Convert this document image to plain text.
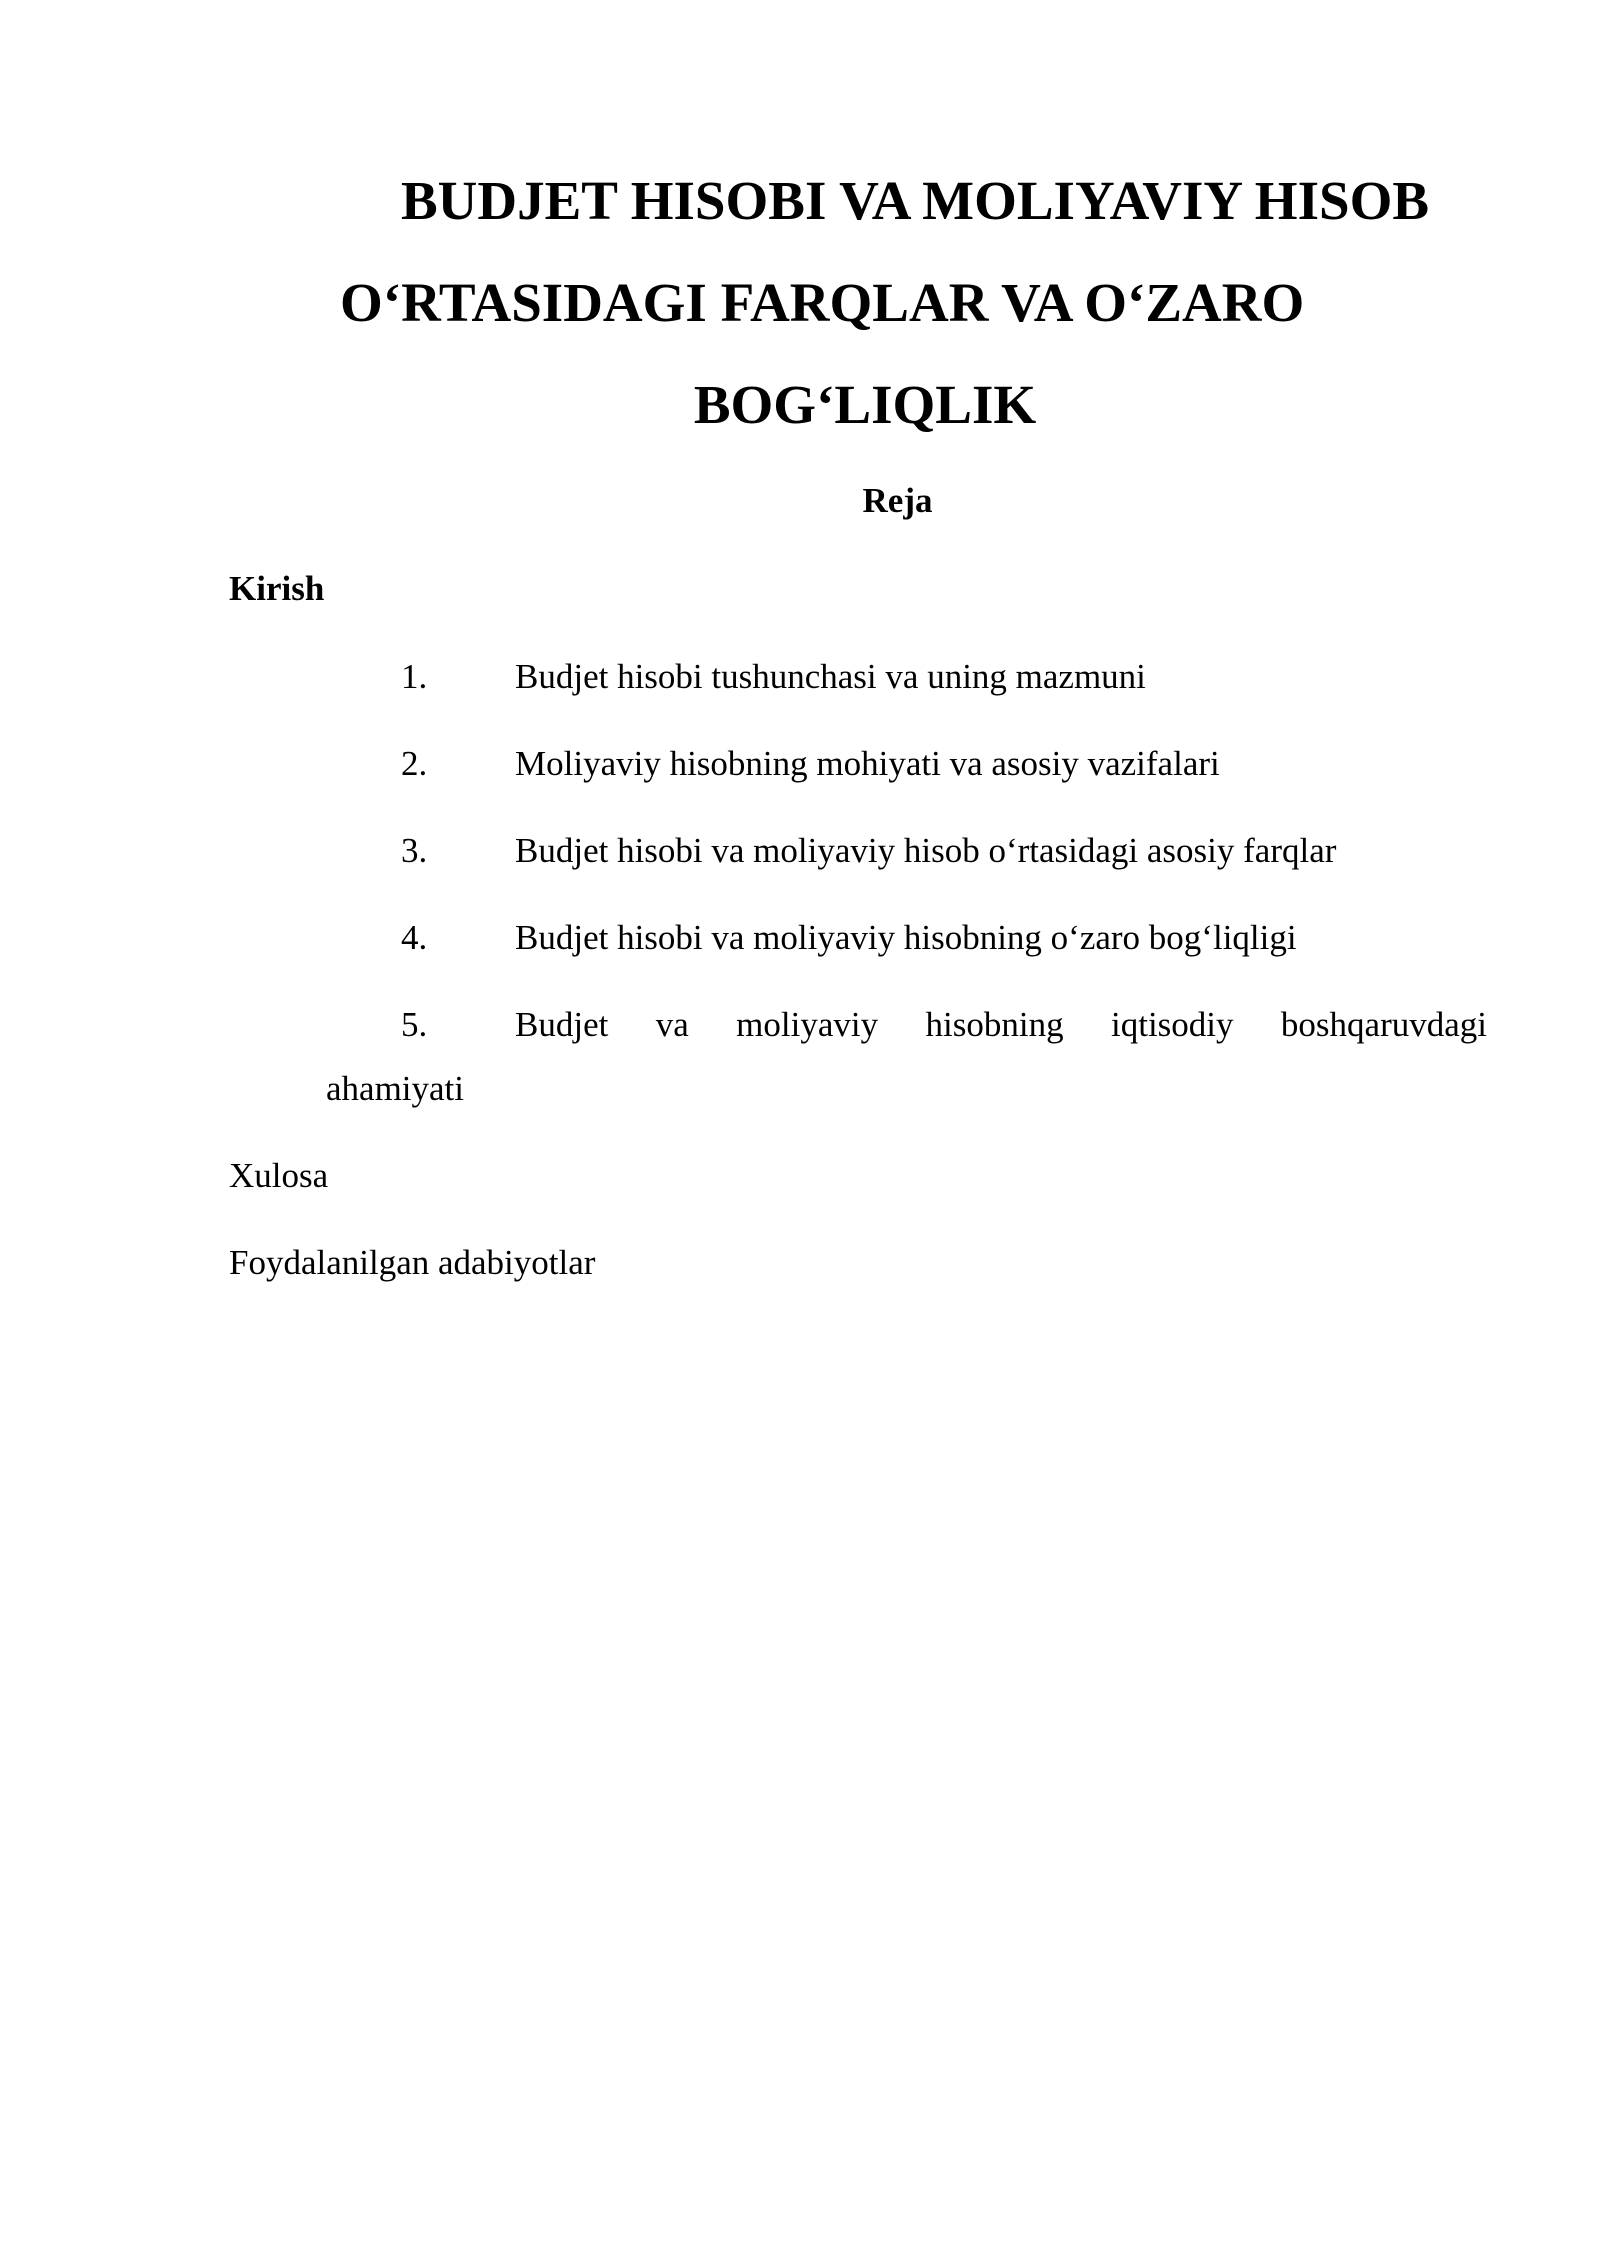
BUDJET HISOBI VA MOLIYAVIY HISOB
O‘RTASIDAGI FARQLAR VA O‘ZARO
BOG‘LIQLIK
Reja
Kirish
1.	Budjet hisobi tushunchasi va uning mazmuni
2.	Moliyaviy hisobning mohiyati va asosiy vazifalari
3.	Budjet hisobi va moliyaviy hisob o‘rtasidagi asosiy farqlar
4.	Budjet hisobi va moliyaviy hisobning o‘zaro bog‘liqligi
5.	Budjet va moliyaviy hisobning iqtisodiy boshqaruvdagi
ahamiyati
Xulosa
Foydalanilgan adabiyotlar
